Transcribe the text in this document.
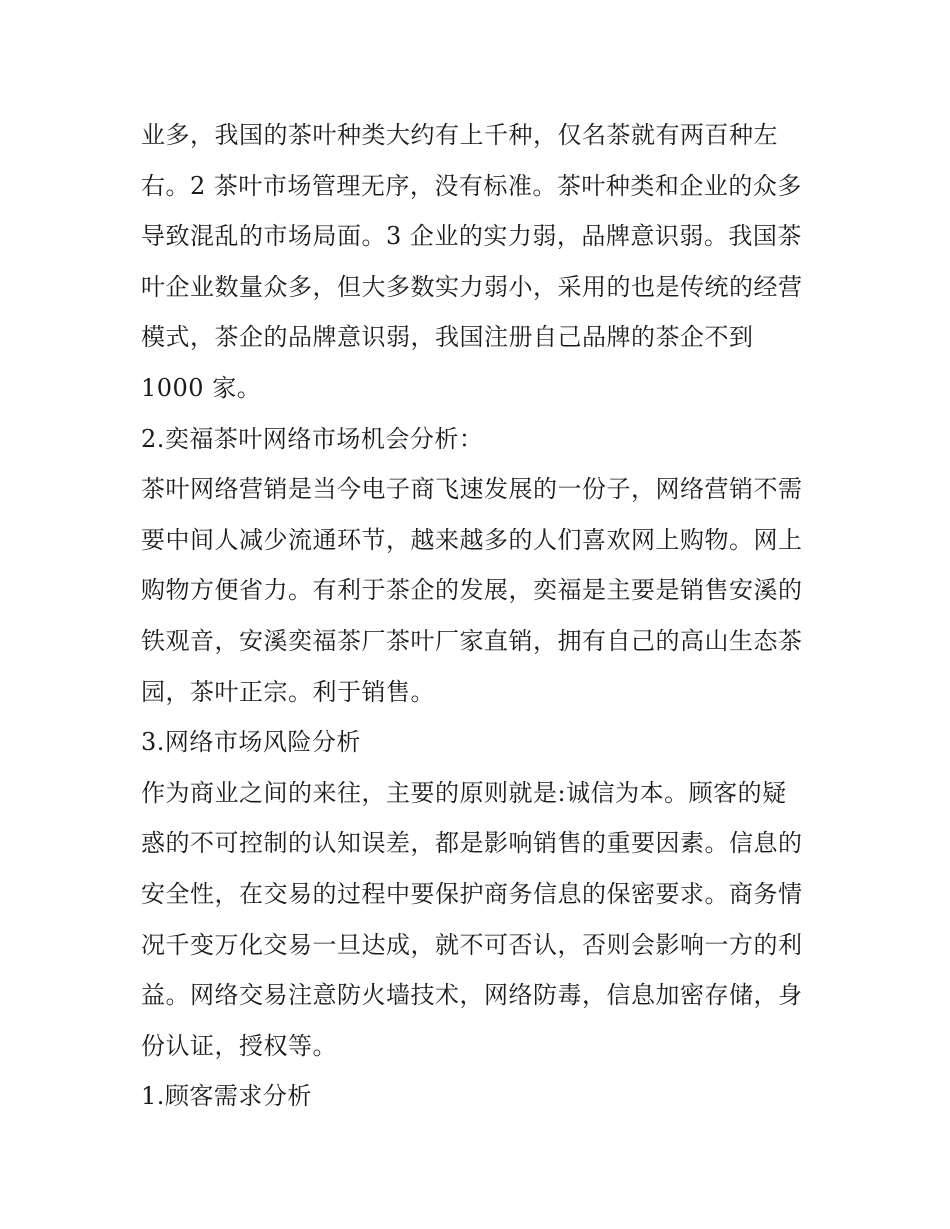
业多，我国的茶叶种类大约有上千种，仅名茶就有两百种左
右。2 茶叶市场管理无序，没有标准。茶叶种类和企业的众多
导致混乱的市场局面。3 企业的实力弱，品牌意识弱。我国茶
叶企业数量众多，但大多数实力弱小，采用的也是传统的经营
模式，茶企的品牌意识弱，我国注册自己品牌的茶企不到
1000 家。
2.奕福茶叶网络市场机会分析：
茶叶网络营销是当今电子商飞速发展的一份子，网络营销不需
要中间人减少流通环节，越来越多的人们喜欢网上购物。网上
购物方便省力。有利于茶企的发展，奕福是主要是销售安溪的
铁观音，安溪奕福茶厂茶叶厂家直销，拥有自己的高山生态茶
园，茶叶正宗。利于销售。
3.网络市场风险分析
作为商业之间的来往，主要的原则就是:诚信为本。顾客的疑
惑的不可控制的认知误差，都是影响销售的重要因素。信息的
安全性，在交易的过程中要保护商务信息的保密要求。商务情
况千变万化交易一旦达成，就不可否认，否则会影响一方的利
益。网络交易注意防火墙技术，网络防毒，信息加密存储，身
份认证，授权等。
1.顾客需求分析
